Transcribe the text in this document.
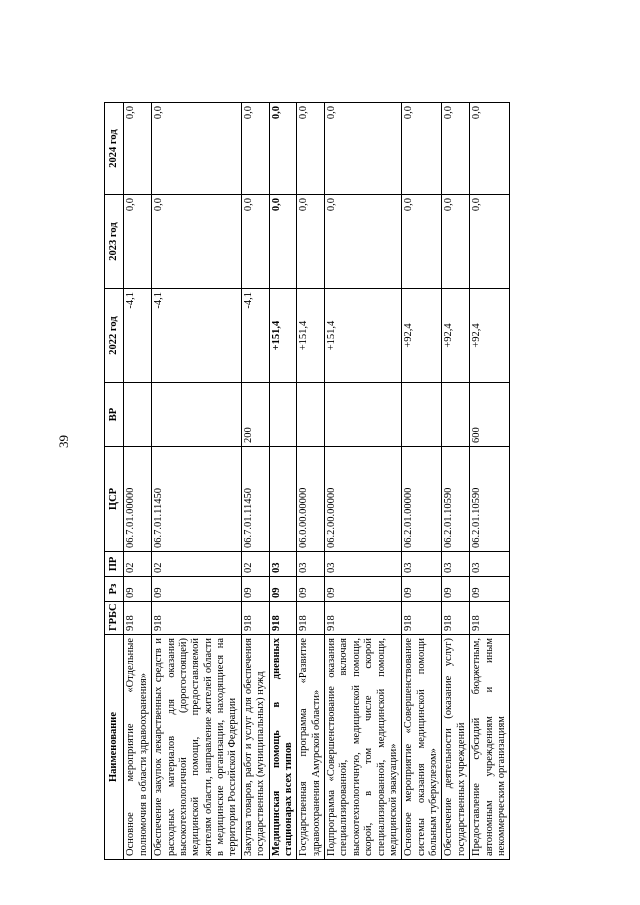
39
Наименование	ГРБС	Рз	ПР	ЦСР	ВР	2022 год	2023 год	2024 год
Основное мероприятие «Отдельные полномочия в области здравоохранения»	918	09	02	06.7.01.00000		-4,1	0,0	0,0
Обеспечение закупок лекарственных средств и расходных материалов для оказания высокотехнологичной (дорогостоящей) медицинской помощи, предоставляемой жителям области, направление жителей области в медицинские организации, находящиеся на территории Российской Федерации	918	09	02	06.7.01.11450		-4,1	0,0	0,0
Закупка товаров, работ и услуг для обеспечения государственных (муниципальных) нужд	918	09	02	06.7.01.11450	200	-4,1	0,0	0,0
Медицинская помощь в дневных стационарах всех типов	918	09	03			+151,4	0,0	0,0
Государственная программа «Развитие здравоохранения Амурской области»	918	09	03	06.0.00.00000		+151,4	0,0	0,0
Подпрограмма «Совершенствование оказания специализированной, включая высокотехнологичную, медицинской помощи, скорой, в том числе скорой специализированной, медицинской помощи, медицинской эвакуации»	918	09	03	06.2.00.00000		+151,4	0,0	0,0
Основное мероприятие «Совершенствование системы оказания медицинской помощи больным туберкулезом»	918	09	03	06.2.01.00000		+92,4	0,0	0,0
Обеспечение деятельности (оказание услуг) государственных учреждений	918	09	03	06.2.01.10590		+92,4	0,0	0,0
Предоставление субсидий бюджетным, автономным учреждениям и иным некоммерческим организациям	918	09	03	06.2.01.10590	600	+92,4	0,0	0,0
